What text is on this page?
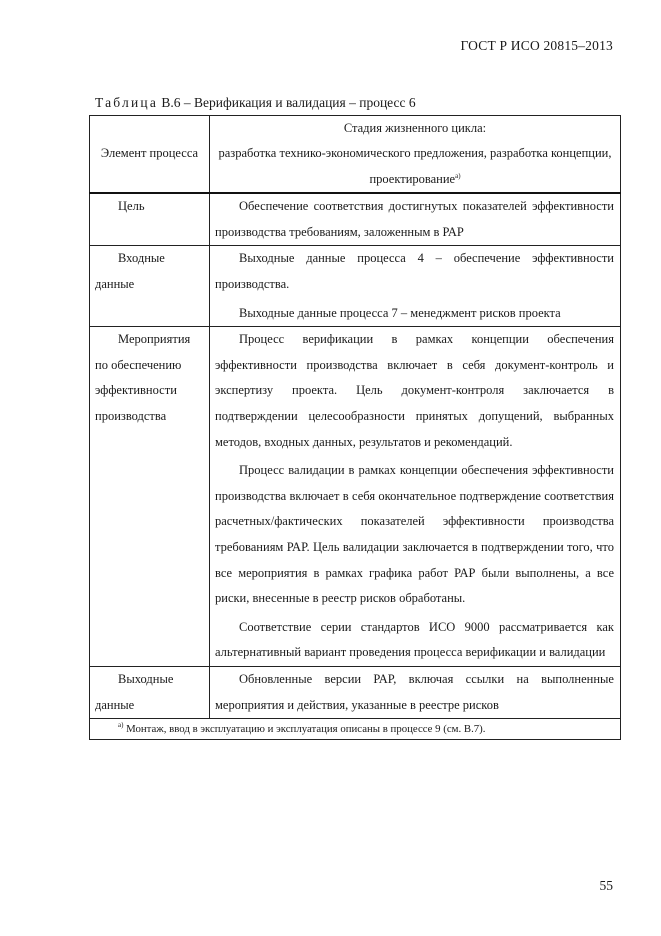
ГОСТ Р ИСО 20815–2013
Таблица В.6 – Верификация и валидация – процесс 6
Элемент процесса	Стадия жизненного цикла:
разработка технико-экономического предложения, разработка концепции, проектирование$^{а)}$

Цель	Обеспечение соответствия достигнутых показателей эффективности производства требованиям, заложенным в РАР

Входные данные	Выходные данные процесса 4 – обеспечение эффективности производства.

Выходные данные процесса 7 – менеджмент рисков проекта

Мероприятия по обеспечению эффективности производства	Процесс верификации в рамках концепции обеспечения эффективности производства включает в себя документ-контроль и экспертизу проекта. Цель документ-контроля заключается в подтверждении целесообразности принятых допущений, выбранных методов, входных данных, результатов и рекомендаций.

Процесс валидации в рамках концепции обеспечения эффективности производства включает в себя окончательное подтверждение соответствия расчетных/фактических показателей эффективности производства требованиям РАР. Цель валидации заключается в подтверждении того, что все мероприятия в рамках графика работ РАР были выполнены, а все риски, внесенные в реестр рисков обработаны.

Соответствие серии стандартов ИСО 9000 рассматривается как альтернативный вариант проведения процесса верификации и валидации

Выходные данные	Обновленные версии РАР, включая ссылки на выполненные мероприятия и действия, указанные в реестре рисков

$^{а)}$ Монтаж, ввод в эксплуатацию и эксплуатация описаны в процессе 9 (см. В.7).	
55
